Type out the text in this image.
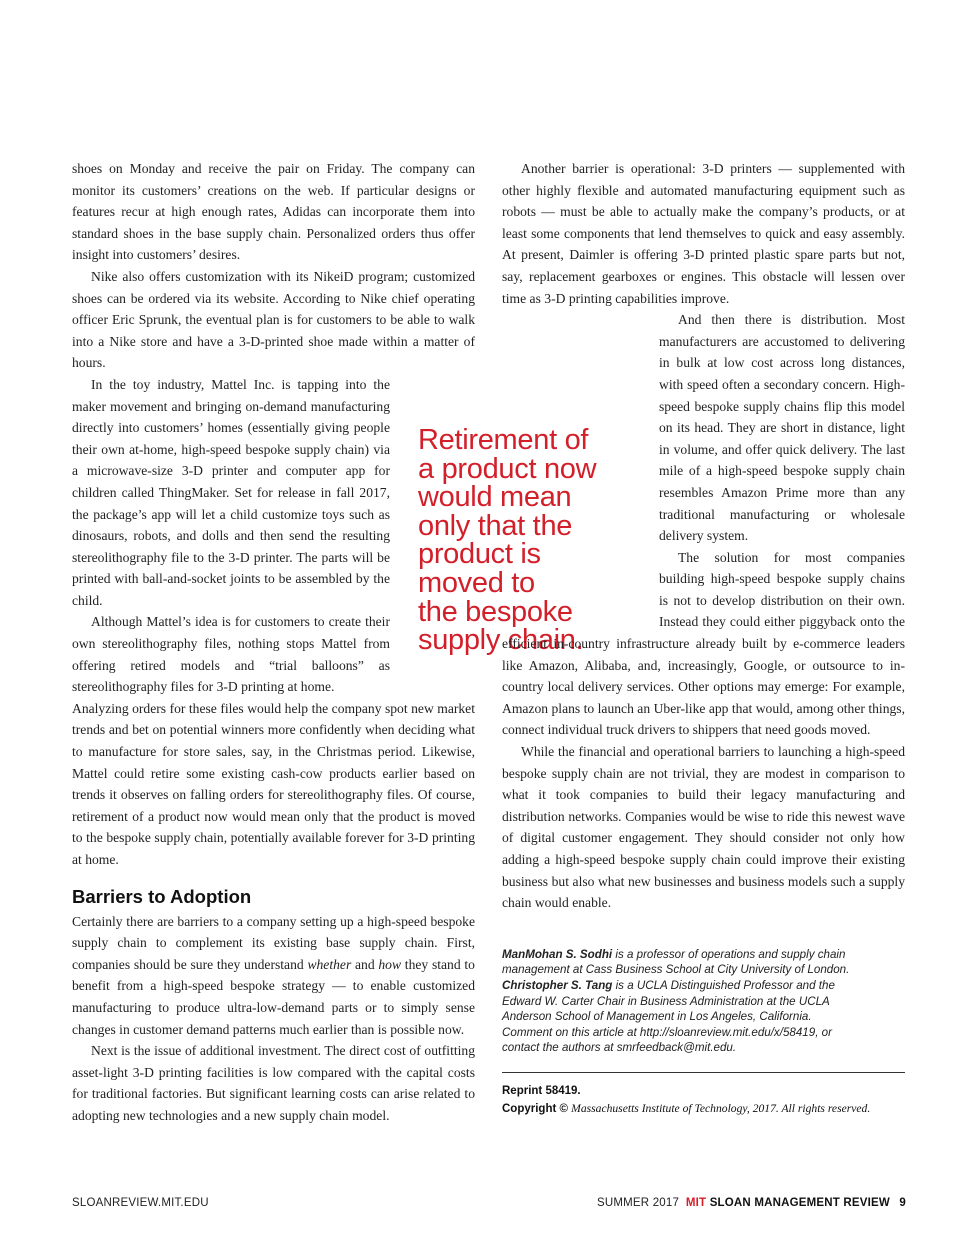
shoes on Monday and receive the pair on Friday. The company can monitor its customers’ creations on the web. If particular designs or features recur at high enough rates, Adidas can incorporate them into standard shoes in the base supply chain. Personalized orders thus offer insight into customers’ desires.

Nike also offers customization with its NikeiD program; customized shoes can be ordered via its website. According to Nike chief operating officer Eric Sprunk, the eventual plan is for customers to be able to walk into a Nike store and have a 3-D-printed shoe made within a matter of hours.

In the toy industry, Mattel Inc. is tapping into the maker movement and bringing on-demand manufacturing directly into customers’ homes (essentially giving people their own at-home, high-speed bespoke supply chain) via a microwave-size 3-D printer and computer app for children called ThingMaker. Set for release in fall 2017, the package’s app will let a child customize toys such as dinosaurs, robots, and dolls and then send the resulting stereolithography file to the 3-D printer. The parts will be printed with ball-and-socket joints to be assembled by the child.

Although Mattel’s idea is for customers to create their own stereolithography files, nothing stops Mattel from offering retired models and “trial balloons” as stereolithography files for 3-D printing at home.

Analyzing orders for these files would help the company spot new market trends and bet on potential winners more confidently when deciding what to manufacture for store sales, say, in the Christmas period. Likewise, Mattel could retire some existing cash-cow products earlier based on trends it observes on falling orders for stereolithography files. Of course, retirement of a product now would mean only that the product is moved to the bespoke supply chain, potentially available forever for 3-D printing at home.

Barriers to Adoption

Certainly there are barriers to a company setting up a high-speed bespoke supply chain to complement its existing base supply chain. First, companies should be sure they understand whether and how they stand to benefit from a high-speed bespoke strategy — to enable customized manufacturing to produce ultra-low-demand parts or to simply sense changes in customer demand patterns much earlier than is possible now.

Next is the issue of additional investment. The direct cost of outfitting asset-light 3-D printing facilities is low compared with the capital costs for traditional factories. But significant learning costs can arise related to adopting new technologies and a new supply chain model.

Retirement of
a product now
would mean
only that the
product is
moved to
the bespoke
supply chain.

Another barrier is operational: 3-D printers — supplemented with other highly flexible and automated manufacturing equipment such as robots — must be able to actually make the company’s products, or at least some components that lend themselves to quick and easy assembly. At present, Daimler is offering 3-D printed plastic spare parts but not, say, replacement gearboxes or engines. This obstacle will lessen over time as 3-D printing capabilities improve.

And then there is distribution. Most manufacturers are accustomed to delivering in bulk at low cost across long distances, with speed often a secondary concern. High-speed bespoke supply chains flip this model on its head. They are short in distance, light in volume, and offer quick delivery. The last mile of a high-speed bespoke supply chain resembles Amazon Prime more than any traditional manufacturing or wholesale delivery system.

The solution for most companies building high-speed bespoke supply chains is not to develop distribution on their own. Instead they could either piggyback onto the efficient in-country infrastructure already built by e-commerce leaders like Amazon, Alibaba, and, increasingly, Google, or outsource to in-country local delivery services. Other options may emerge: For example, Amazon plans to launch an Uber-like app that would, among other things, connect individual truck drivers to shippers that need goods moved.

While the financial and operational barriers to launching a high-speed bespoke supply chain are not trivial, they are modest in comparison to what it took companies to build their legacy manufacturing and distribution networks. Companies would be wise to ride this newest wave of digital customer engagement. They should consider not only how adding a high-speed bespoke supply chain could improve their existing business but also what new businesses and business models such a supply chain would enable.

ManMohan S. Sodhi is a professor of operations and supply chain management at Cass Business School at City University of London. Christopher S. Tang is a UCLA Distinguished Professor and the Edward W. Carter Chair in Business Administration at the UCLA Anderson School of Management in Los Angeles, California. Comment on this article at http://sloanreview.mit.edu/x/58419, or contact the authors at smrfeedback@mit.edu.
Reprint 58419.
Copyright © Massachusetts Institute of Technology, 2017. All rights reserved.
SLOANREVIEW.MIT.EDU	SUMMER 2017 MIT SLOAN MANAGEMENT REVIEW 9
